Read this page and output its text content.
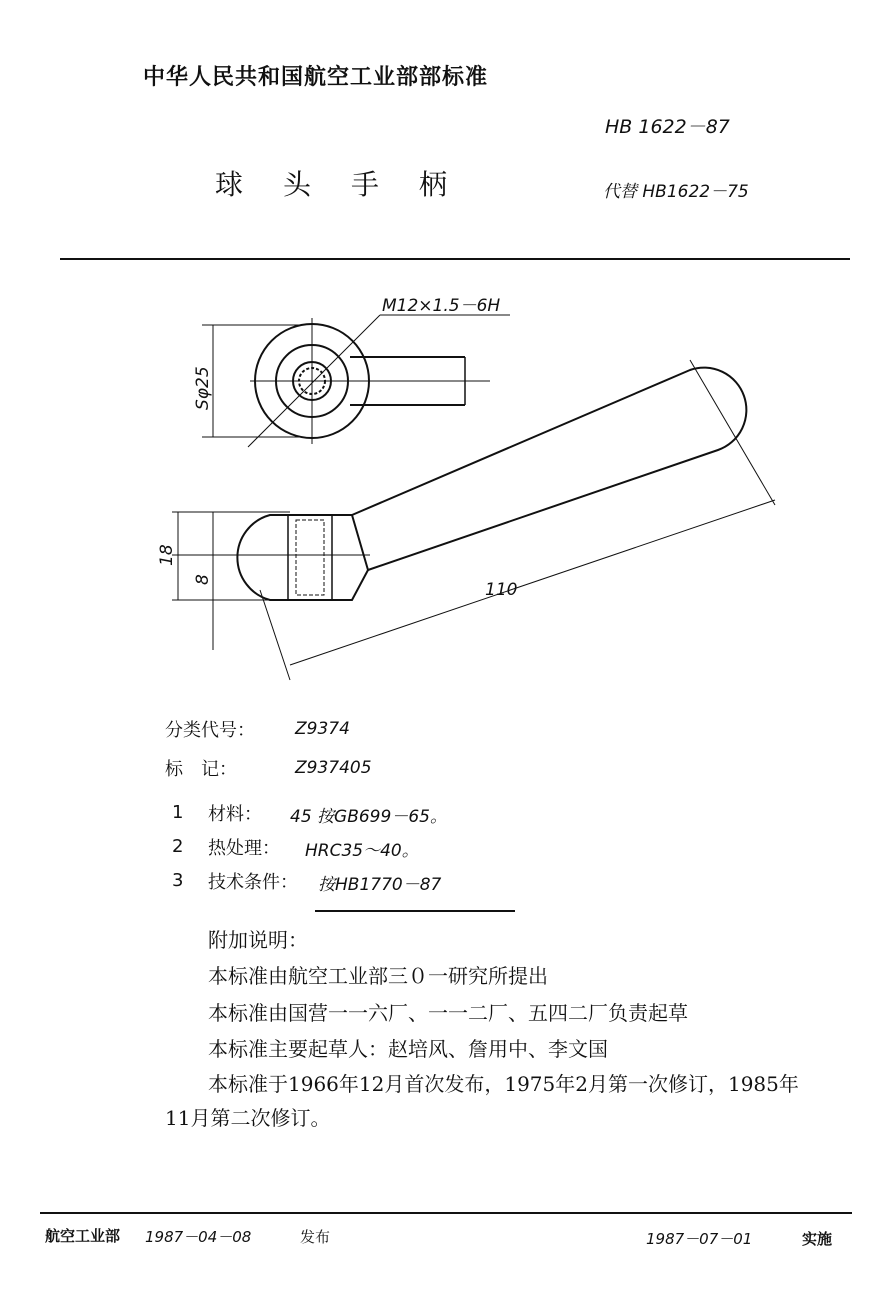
中华人民共和国航空工业部部标准
HB 1622－87
球头手柄	代替 HB1622－75
M12×1.5－6H
Sφ25
18
8
110
分类代号： Z9374
标　记：	Z937405
1 材料： 45 按GB699－65。
2 热处理： HRC35～40。
3 技术条件： 按HB1770－87
附加说明：
本标准由航空工业部三０一研究所提出
本标准由国营一一六厂、一一二厂、五四二厂负责起草
本标准主要起草人：赵培风、詹用中、李文国
本标准于1966年12月首次发布，1975年2月第一次修订，1985年
11月第二次修订。
航空工业部 1987－04－08	发布	1987－07－01	实施
